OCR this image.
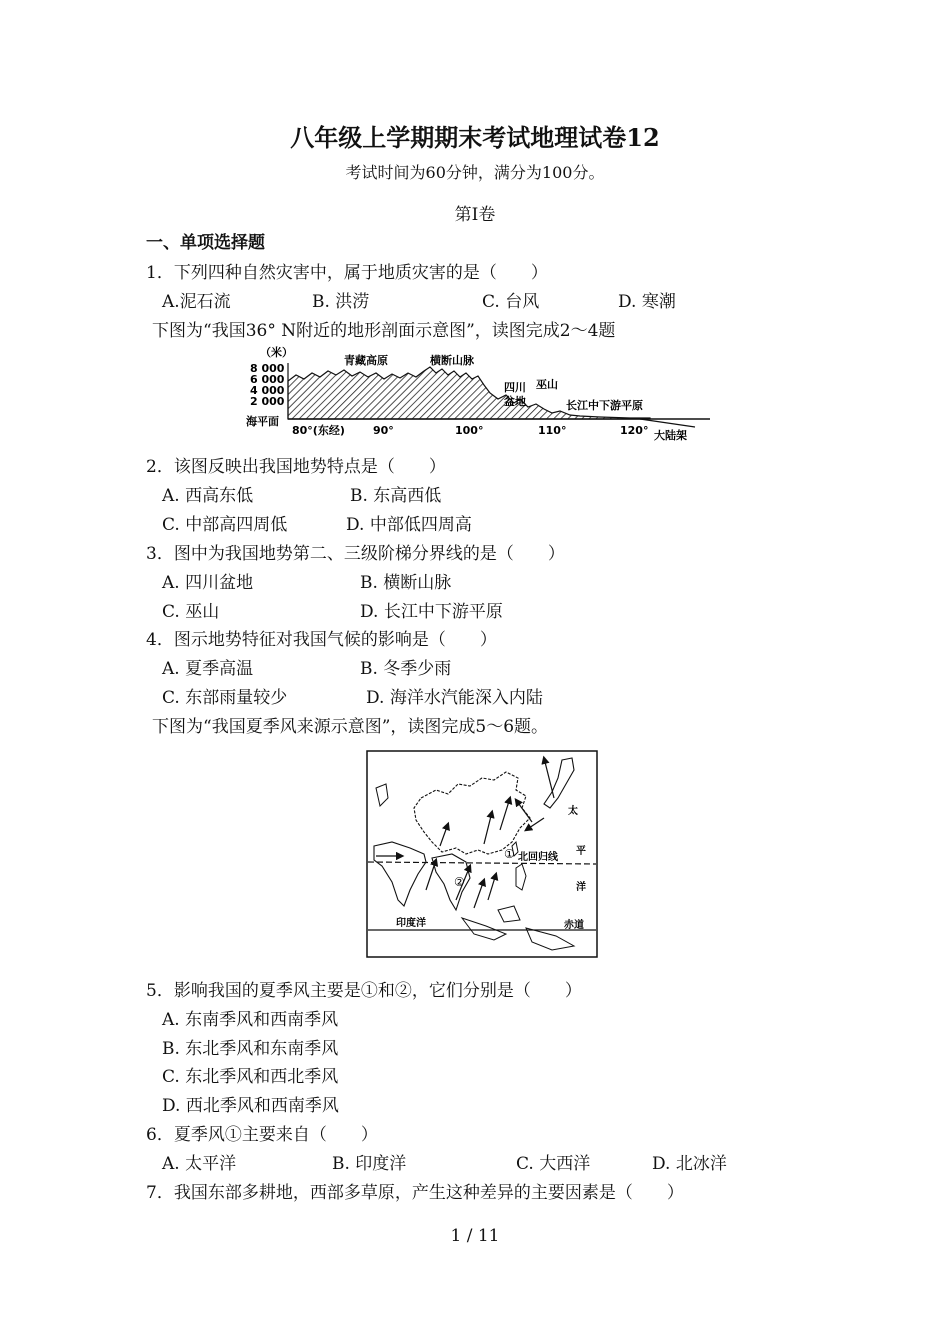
八年级上学期期末考试地理试卷12
考试时间为60分钟，满分为100分。
第Ⅰ卷
一、单项选择题
1．下列四种自然灾害中，属于地质灾害的是（　　）
A.泥石流	B. 洪涝	C. 台风	D. 寒潮
下图为“我国36° N附近的地形剖面示意图”，读图完成2～4题
（米）
8 000
6 000
4 000
2 000
海平面
青藏高原	横断山脉
四川
盆地
巫山
长江中下游平原
80°(东经)	90°	100°	110°	120° 大陆架
2．该图反映出我国地势特点是（　　）
A. 西高东低	B. 东高西低
C. 中部高四周低	D. 中部低四周高
3．图中为我国地势第二、三级阶梯分界线的是（　　）
A. 四川盆地	B. 横断山脉
C. 巫山	D. 长江中下游平原
4．图示地势特征对我国气候的影响是（　　）
A. 夏季高温	B. 冬季少雨
C. 东部雨量较少	D. 海洋水汽能深入内陆
下图为“我国夏季风来源示意图”，读图完成5～6题。
①
②
北回归线
太
平
洋
印度洋	赤道
5．影响我国的夏季风主要是①和②，它们分别是（　　）
A. 东南季风和西南季风
B. 东北季风和东南季风
C. 东北季风和西北季风
D. 西北季风和西南季风
6．夏季风①主要来自（　　）
A. 太平洋	B. 印度洋	C. 大西洋	D. 北冰洋
7．我国东部多耕地，西部多草原，产生这种差异的主要因素是（　　）
1 / 11
